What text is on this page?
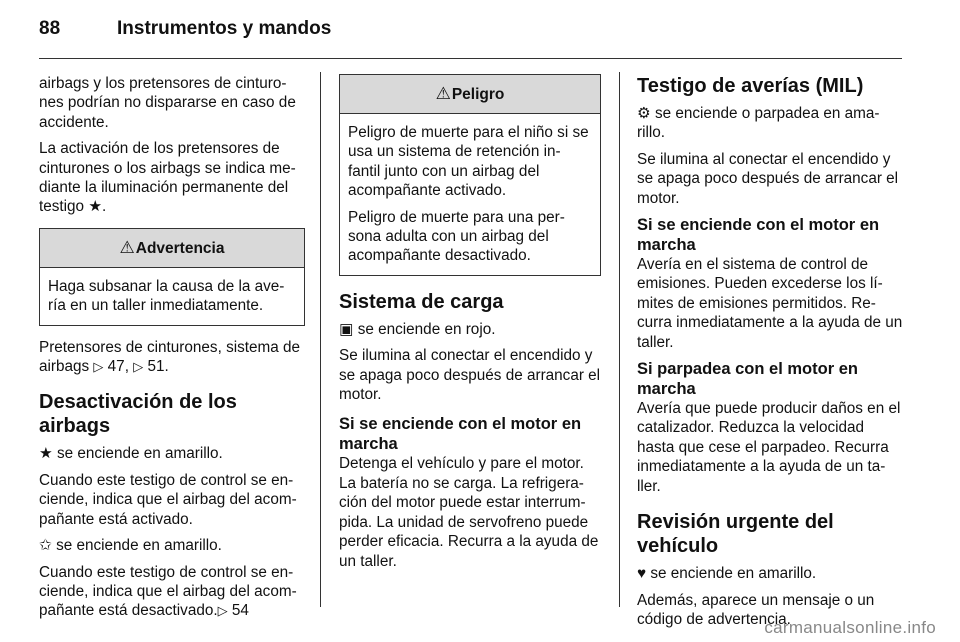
88	Instrumentos y mandos

airbags y los pretensores de cinturo-nes podrían no dispararse en caso de accidente.

La activación de los pretensores de cinturones o los airbags se indica me-diante la iluminación permanente del testigo ★.

⚠Advertencia

Haga subsanar la causa de la ave-ría en un taller inmediatamente.

Pretensores de cinturones, sistema de airbags ▷ 47, ▷ 51.

Desactivación de los airbags

★ se enciende en amarillo.

Cuando este testigo de control se en-ciende, indica que el airbag del acom-pañante está activado.

✩ se enciende en amarillo.

Cuando este testigo de control se en-ciende, indica que el airbag del acom-pañante está desactivado.▷ 54

⚠Peligro

Peligro de muerte para el niño si se usa un sistema de retención in-fantil junto con un airbag del acompañante activado.

Peligro de muerte para una per-sona adulta con un airbag del acompañante desactivado.

Sistema de carga

▣ se enciende en rojo.

Se ilumina al conectar el encendido y se apaga poco después de arrancar el motor.

Si se enciende con el motor en marcha

Detenga el vehículo y pare el motor. La batería no se carga. La refrigera-ción del motor puede estar interrum-pida. La unidad de servofreno puede perder eficacia. Recurra a la ayuda de un taller.

Testigo de averías (MIL)

⚙ se enciende o parpadea en ama-rillo.

Se ilumina al conectar el encendido y se apaga poco después de arrancar el motor.

Si se enciende con el motor en marcha

Avería en el sistema de control de emisiones. Pueden excederse los lí-mites de emisiones permitidos. Re-curra inmediatamente a la ayuda de un taller.

Si parpadea con el motor en marcha

Avería que puede producir daños en el catalizador. Reduzca la velocidad hasta que cese el parpadeo. Recurra inmediatamente a la ayuda de un ta-ller.

Revisión urgente del vehículo

♥ se enciende en amarillo.

Además, aparece un mensaje o un código de advertencia.

carmanualsonline.info
